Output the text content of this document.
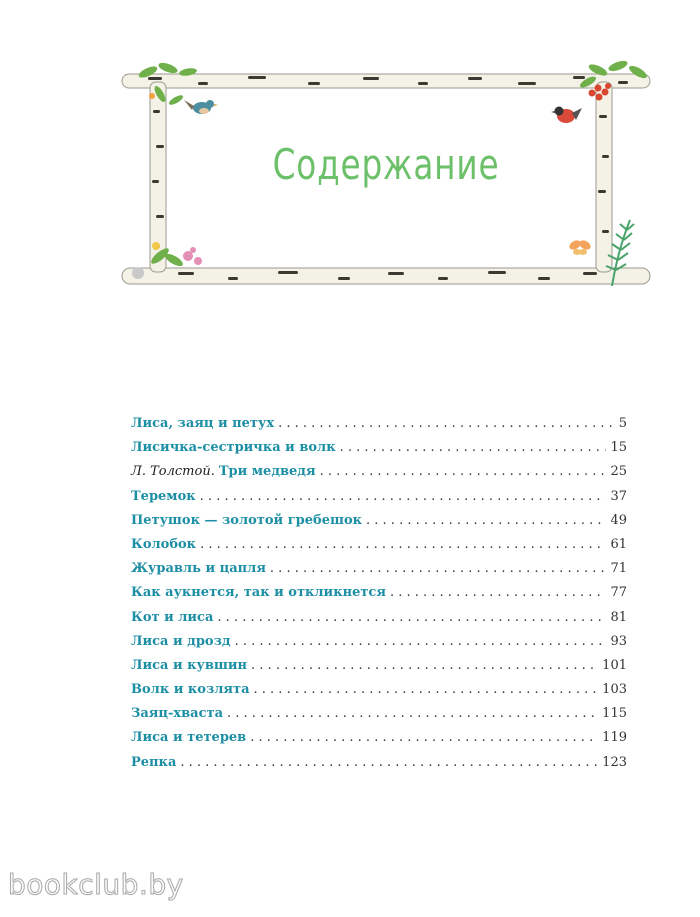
Содержание
Лиса, заяц и петух . . .	5
Лисичка-сестричка и волк . . .	15
Л. Толстой. Три медведя . . .	25
Теремок . . .	37
Петушок — золотой гребешок . . .	49
Колобок . . .	61
Журавль и цапля . . .	71
Как аукнется, так и откликнется . . .	77
Кот и лиса . . .	81
Лиса и дрозд . . .	93
Лиса и кувшин . . .	101
Волк и козлята . . .	103
Заяц-хваста . . .	115
Лиса и тетерев . . .	119
Репка . . .	123
bookclub.by
